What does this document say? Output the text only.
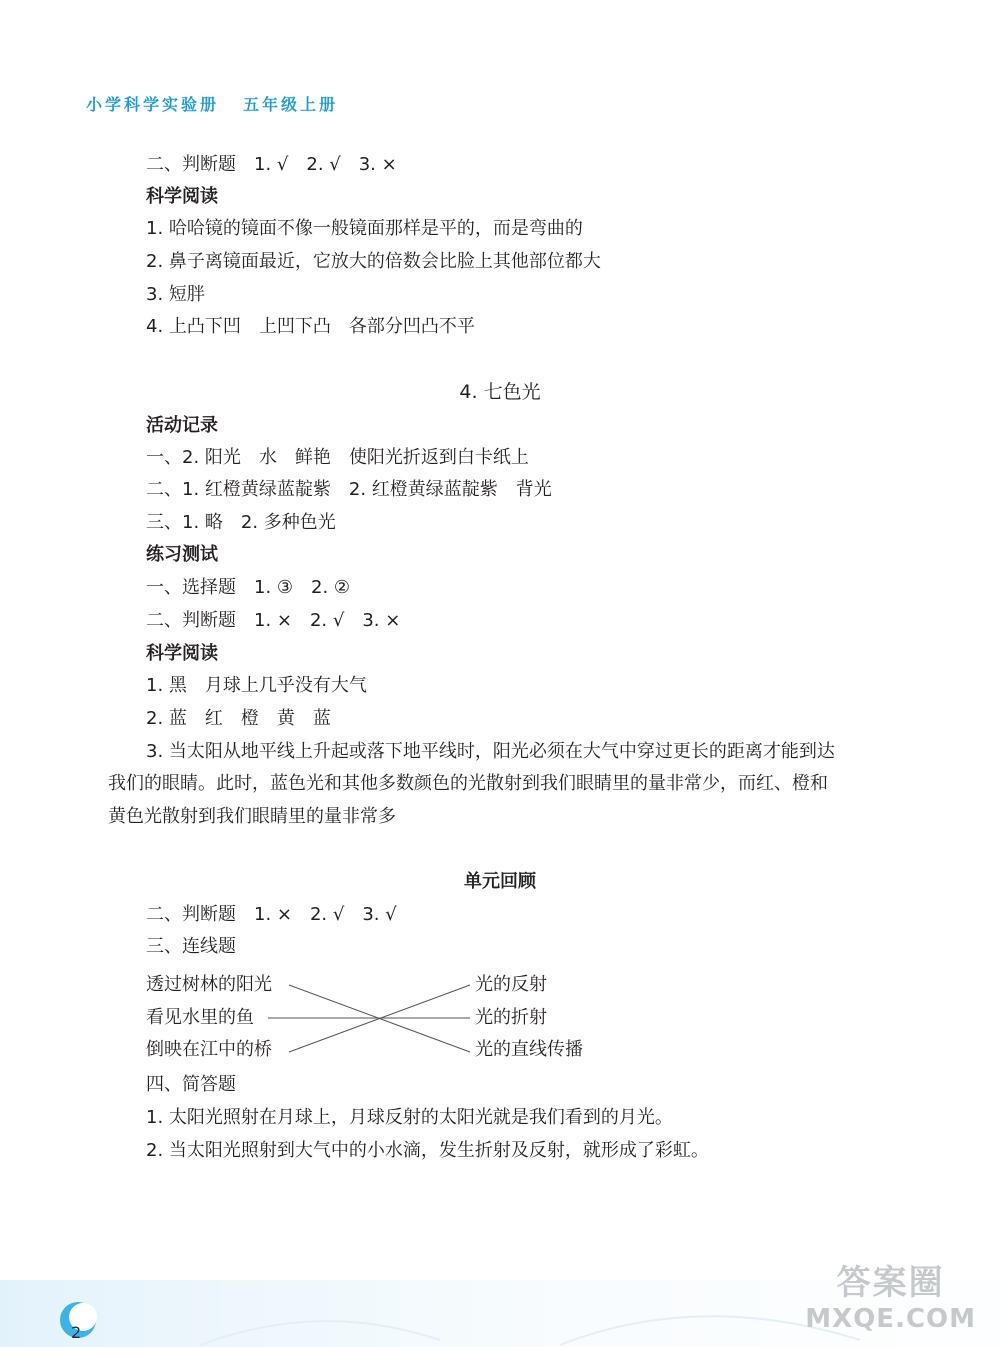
小学科学实验册 五年级上册
二、判断题　1. √　2. √　3. ×
科学阅读
1. 哈哈镜的镜面不像一般镜面那样是平的，而是弯曲的
2. 鼻子离镜面最近，它放大的倍数会比脸上其他部位都大
3. 短胖
4. 上凸下凹　上凹下凸　各部分凹凸不平
4. 七色光
活动记录
一、2. 阳光　水　鲜艳　使阳光折返到白卡纸上
二、1. 红橙黄绿蓝靛紫　2. 红橙黄绿蓝靛紫　背光
三、1. 略　2. 多种色光
练习测试
一、选择题　1. ③　2. ②
二、判断题　1. ×　2. √　3. ×
科学阅读
1. 黑　月球上几乎没有大气
2. 蓝　红　橙　黄　蓝
3. 当太阳从地平线上升起或落下地平线时，阳光必须在大气中穿过更长的距离才能到达
我们的眼睛。此时，蓝色光和其他多数颜色的光散射到我们眼睛里的量非常少，而红、橙和
黄色光散射到我们眼睛里的量非常多
单元回顾
二、判断题　1. ×　2. √　3. √
三、连线题
透过树林的阳光
看见水里的鱼
倒映在江中的桥
光的反射
光的折射
光的直线传播
四、简答题
1. 太阳光照射在月球上，月球反射的太阳光就是我们看到的月光。
2. 当太阳光照射到大气中的小水滴，发生折射及反射，就形成了彩虹。
2
答案圈
MXQE.COM
